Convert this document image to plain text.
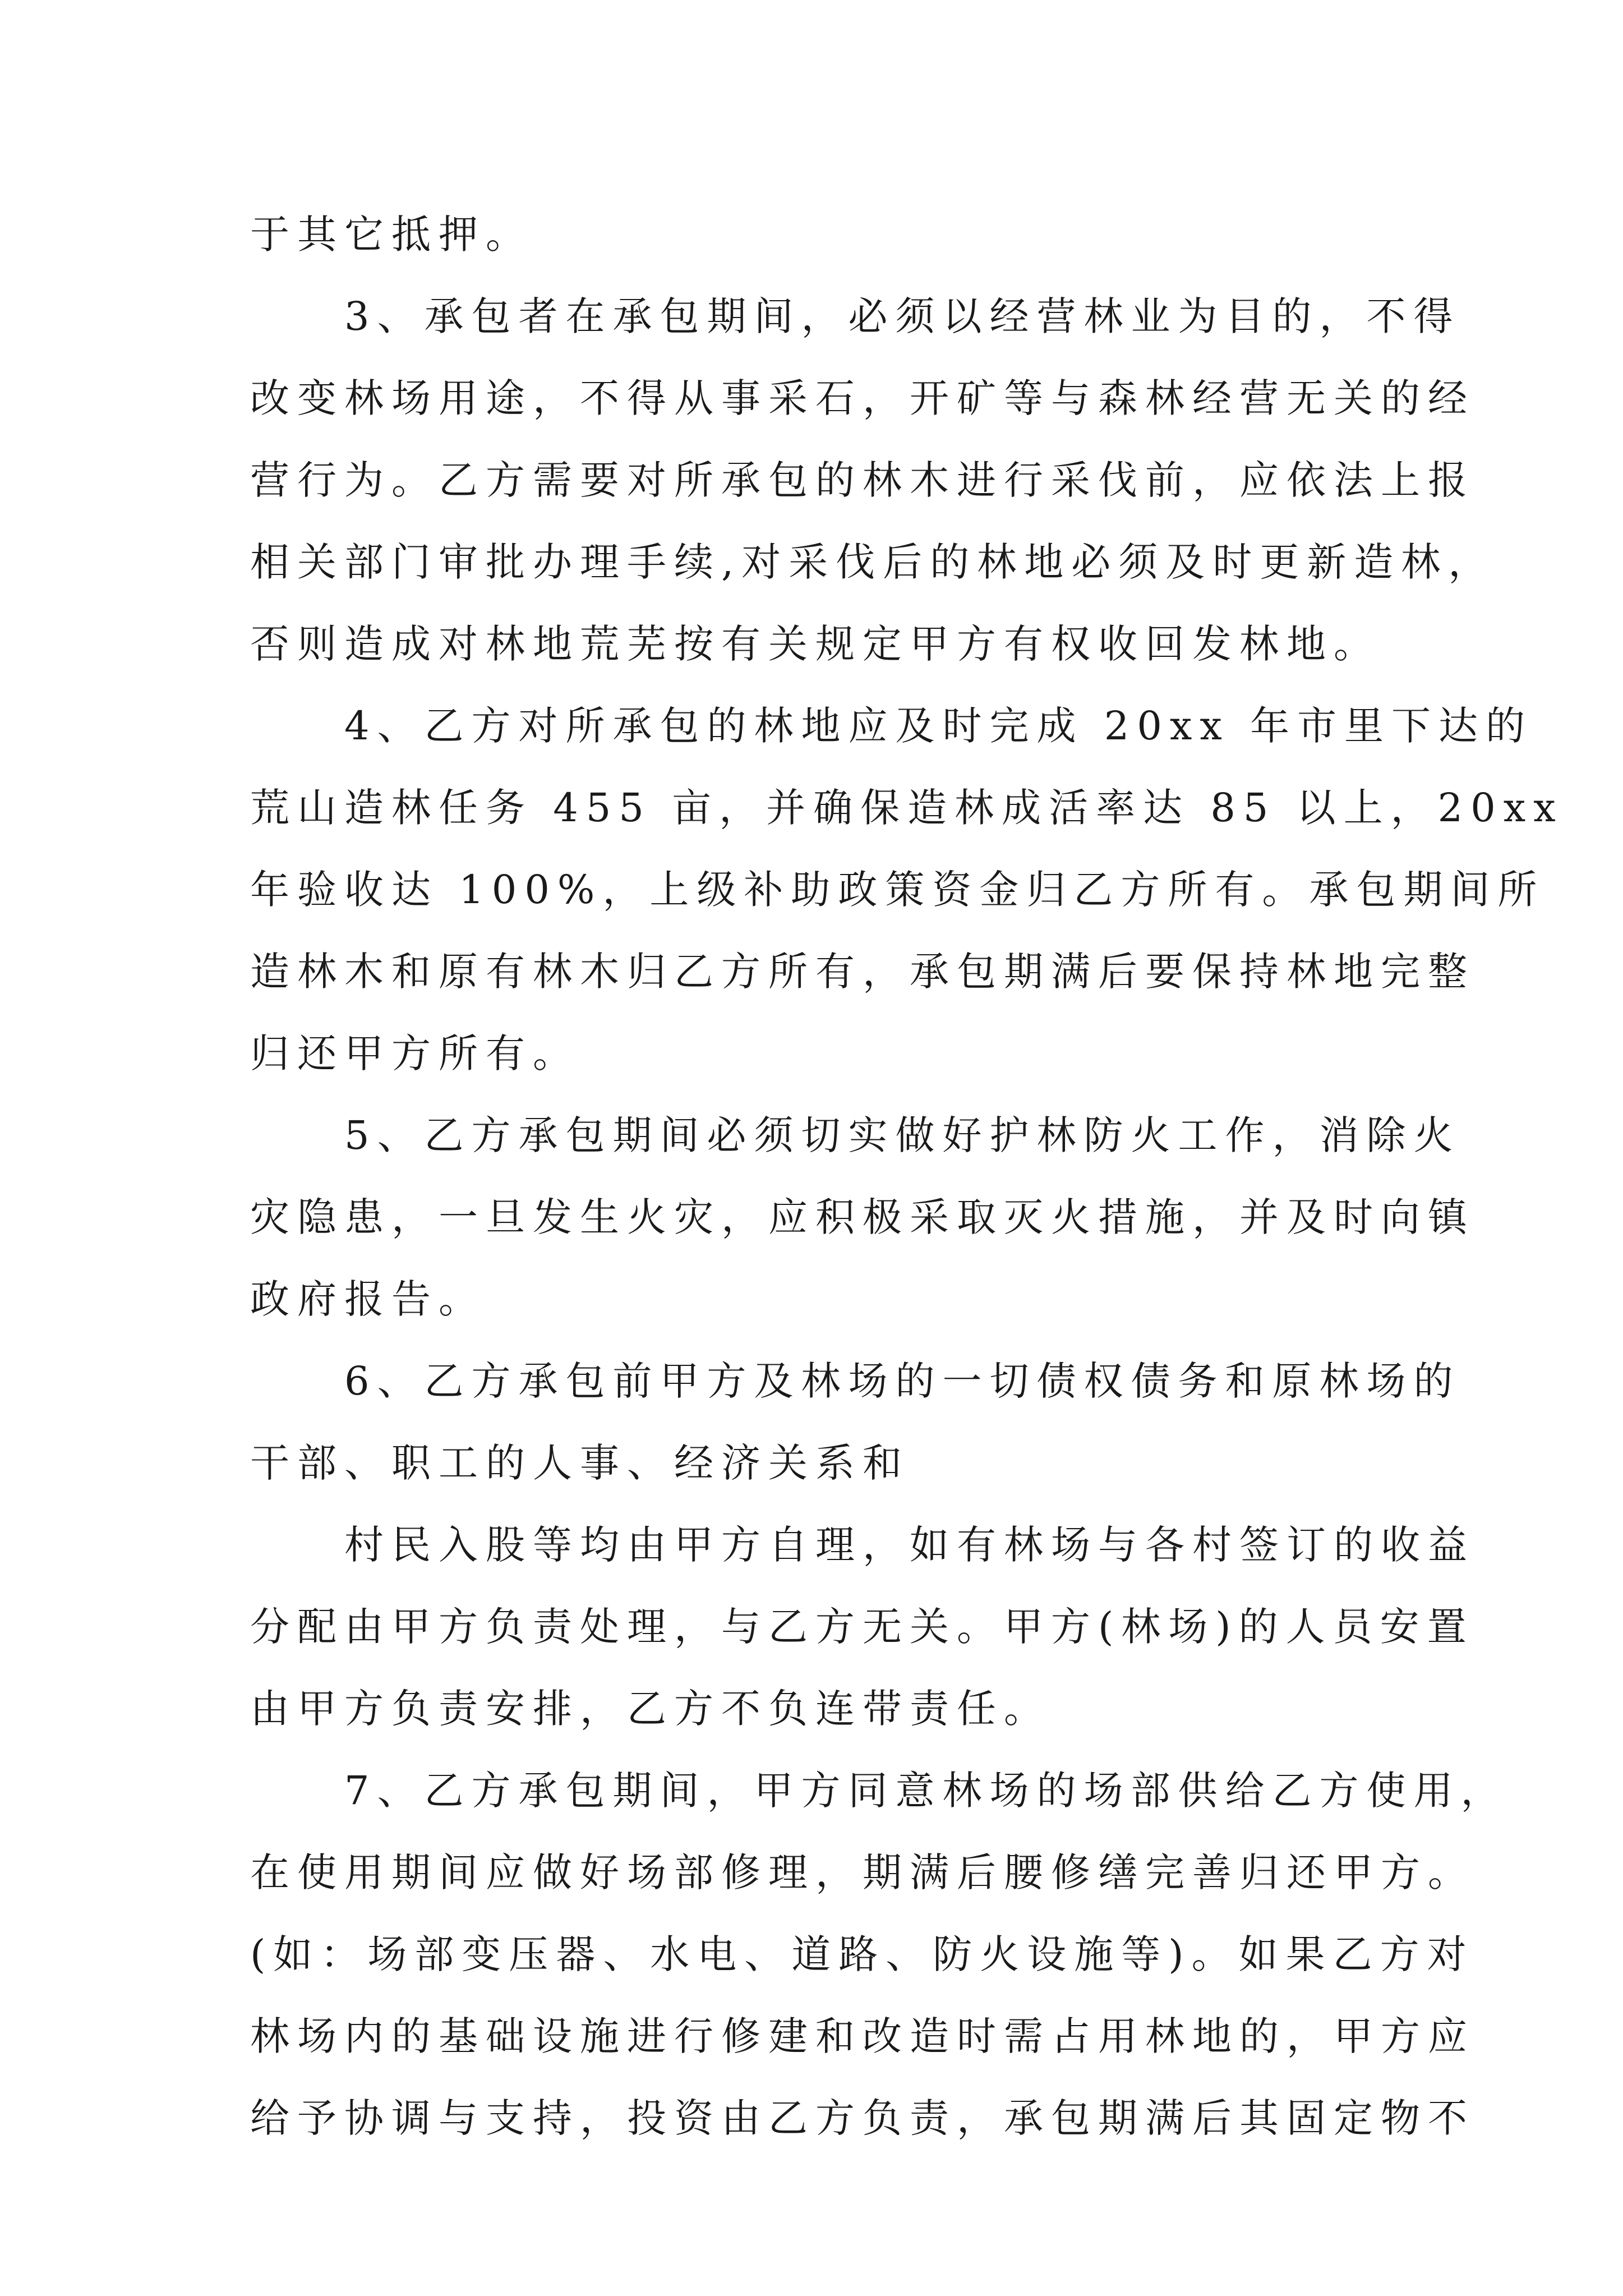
于其它抵押。
3、承包者在承包期间，必须以经营林业为目的，不得
改变林场用途，不得从事采石，开矿等与森林经营无关的经
营行为。乙方需要对所承包的林木进行采伐前，应依法上报
相关部门审批办理手续,对采伐后的林地必须及时更新造林，
否则造成对林地荒芜按有关规定甲方有权收回发林地。
4、乙方对所承包的林地应及时完成 20xx 年市里下达的
荒山造林任务 455 亩，并确保造林成活率达 85 以上，20xx
年验收达 100%，上级补助政策资金归乙方所有。承包期间所
造林木和原有林木归乙方所有，承包期满后要保持林地完整
归还甲方所有。
5、乙方承包期间必须切实做好护林防火工作，消除火
灾隐患，一旦发生火灾，应积极采取灭火措施，并及时向镇
政府报告。
6、乙方承包前甲方及林场的一切债权债务和原林场的
干部、职工的人事、经济关系和
村民入股等均由甲方自理，如有林场与各村签订的收益
分配由甲方负责处理，与乙方无关。甲方(林场)的人员安置
由甲方负责安排，乙方不负连带责任。
7、乙方承包期间，甲方同意林场的场部供给乙方使用，
在使用期间应做好场部修理，期满后腰修缮完善归还甲方。
(如：场部变压器、水电、道路、防火设施等)。如果乙方对
林场内的基础设施进行修建和改造时需占用林地的，甲方应
给予协调与支持，投资由乙方负责，承包期满后其固定物不
